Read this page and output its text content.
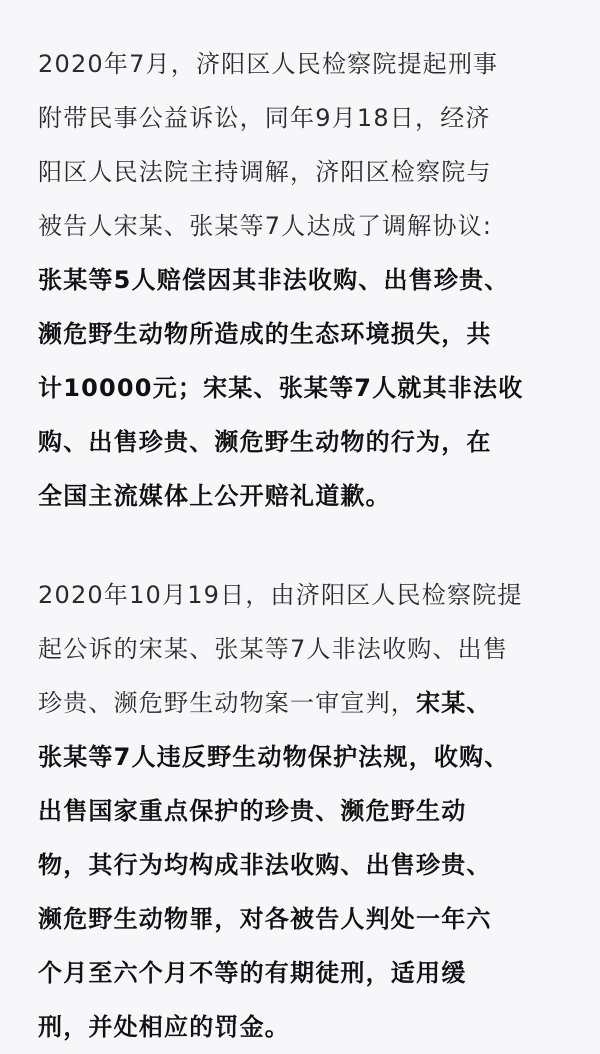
2020年7月，济阳区人民检察院提起刑事
附带民事公益诉讼，同年9月18日，经济
阳区人民法院主持调解，济阳区检察院与
被告人宋某、张某等7人达成了调解协议:
张某等5人赔偿因其非法收购、出售珍贵、
濒危野生动物所造成的生态环境损失，共
计10000元；宋某、张某等7人就其非法收
购、出售珍贵、濒危野生动物的行为，在
全国主流媒体上公开赔礼道歉。

2020年10月19日，由济阳区人民检察院提
起公诉的宋某、张某等7人非法收购、出售
珍贵、濒危野生动物案一审宣判，宋某、
张某等7人违反野生动物保护法规，收购、
出售国家重点保护的珍贵、濒危野生动
物，其行为均构成非法收购、出售珍贵、
濒危野生动物罪，对各被告人判处一年六
个月至六个月不等的有期徒刑，适用缓
刑，并处相应的罚金。
